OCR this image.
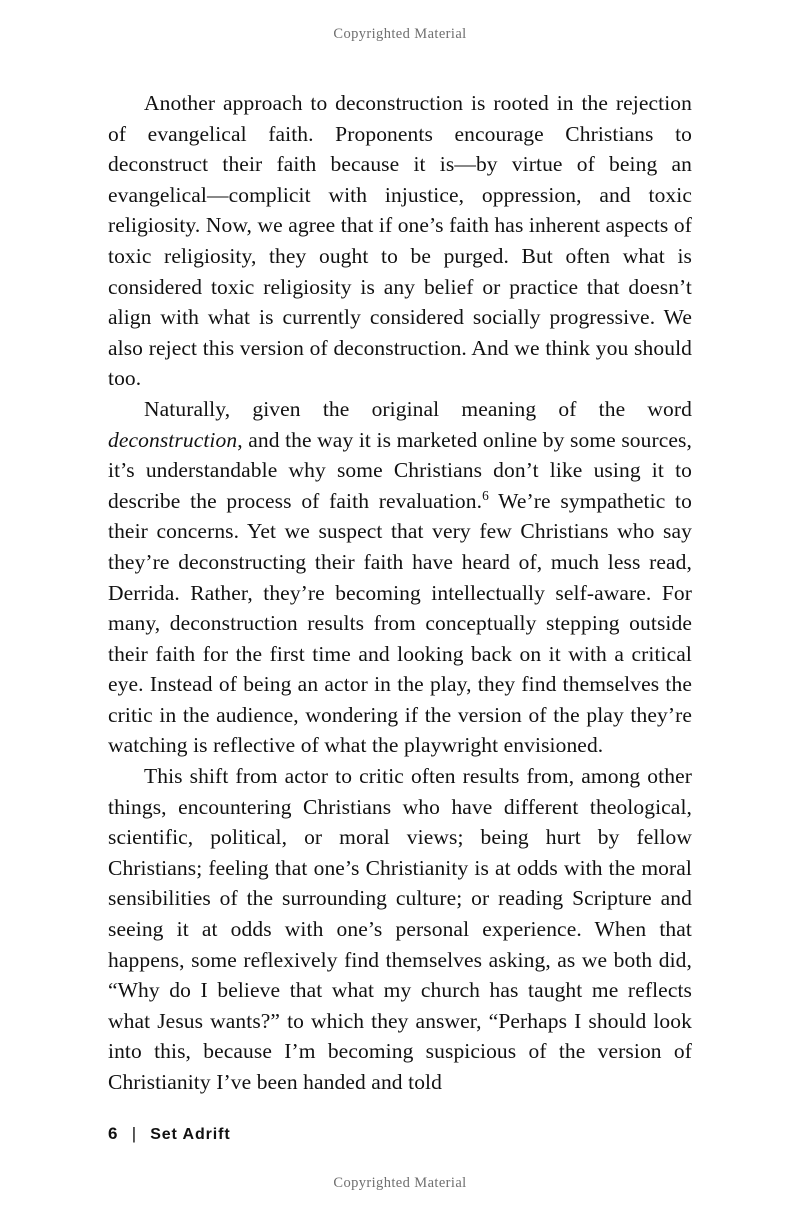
Copyrighted Material

Another approach to deconstruction is rooted in the rejection of evangelical faith. Proponents encourage Christians to deconstruct their faith because it is—by virtue of being an evangelical—complicit with injustice, oppression, and toxic religiosity. Now, we agree that if one’s faith has inherent aspects of toxic religiosity, they ought to be purged. But often what is considered toxic religiosity is any belief or practice that doesn’t align with what is currently considered socially progressive. We also reject this version of deconstruction. And we think you should too.

Naturally, given the original meaning of the word deconstruction, and the way it is marketed online by some sources, it’s understandable why some Christians don’t like using it to describe the process of faith revaluation.$^6$ We’re sympathetic to their concerns. Yet we suspect that very few Christians who say they’re deconstructing their faith have heard of, much less read, Derrida. Rather, they’re becoming intellectually self-aware. For many, deconstruction results from conceptually stepping outside their faith for the first time and looking back on it with a critical eye. Instead of being an actor in the play, they find themselves the critic in the audience, wondering if the version of the play they’re watching is reflective of what the playwright envisioned.

This shift from actor to critic often results from, among other things, encountering Christians who have different theological, scientific, political, or moral views; being hurt by fellow Christians; feeling that one’s Christianity is at odds with the moral sensibilities of the surrounding culture; or reading Scripture and seeing it at odds with one’s personal experience. When that happens, some reflexively find themselves asking, as we both did, “Why do I believe that what my church has taught me reflects what Jesus wants?” to which they answer, “Perhaps I should look into this, because I’m becoming suspicious of the version of Christianity I’ve been handed and told

6 | Set Adrift
Copyrighted Material
